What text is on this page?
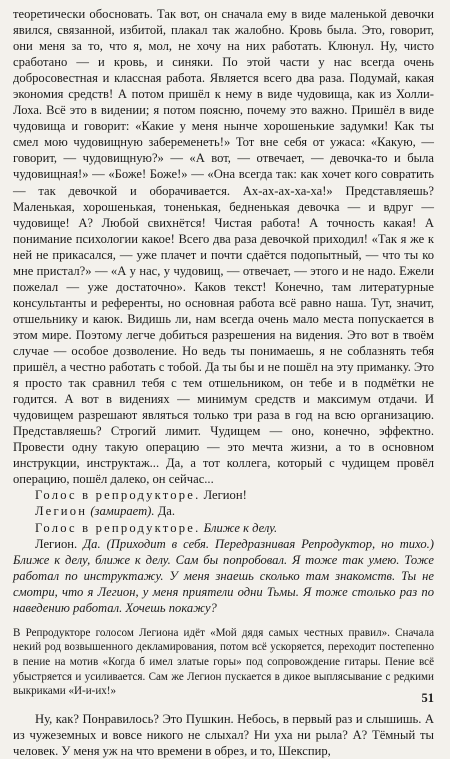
теоретически обосновать. Так вот, он сначала ему в виде маленькой девочки явился, связанной, избитой, плакал так жалобно. Кровь была. Это, говорит, они меня за то, что я, мол, не хочу на них работать. Клюнул. Ну, чисто сработано — и кровь, и синяки. По этой части у нас всегда очень добросовестная и классная работа. Является всего два раза. Подумай, какая экономия средств! А потом пришёл к нему в виде чудовища, как из Холли-Лоха. Всё это в видении; я потом поясню, почему это важно. Пришёл в виде чудовища и говорит: «Какие у меня нынче хорошенькие задумки! Как ты смел мою чудовищную забеременеть!» Тот вне себя от ужаса: «Какую, — говорит, — чудовищную?» — «А вот, — отвечает, — девочка-то и была чудовищная!» — «Боже! Боже!» — «Она всегда так: как хочет кого совратить — так девочкой и оборачивается. Ах-ах-ах-ха-ха!» Представляешь? Маленькая, хорошенькая, тоненькая, бедненькая девочка — и вдруг — чудовище! А? Любой свихнётся! Чистая работа! А точность какая! А понимание психологии какое! Всего два раза девочкой приходил! «Так я же к ней не прикасался, — уже плачет и почти сдаётся подопытный, — что ты ко мне пристал?» — «А у нас, у чудовищ, — отвечает, — этого и не надо. Ежели пожелал — уже достаточно». Каков текст! Конечно, там литературные консультанты и референты, но основная работа всё равно наша. Тут, значит, отшельнику и каюк. Видишь ли, нам всегда очень мало места попускается в этом мире. Поэтому легче добиться разрешения на видения. Это вот в твоём случае — особое дозволение. Но ведь ты понимаешь, я не соблазнять тебя пришёл, а честно работать с тобой. Да ты бы и не пошёл на эту приманку. Это я просто так сравнил тебя с тем отшельником, он тебе и в подмётки не годится. А вот в видениях — минимум средств и максимум отдачи. И чудовищем разрешают являться только три раза в год на всю организацию. Представляешь? Строгий лимит. Чудищем — оно, конечно, эффектно. Провести одну такую операцию — это мечта жизни, а то в основном инструкции, инструктаж... Да, а тот коллега, который с чудищем провёл операцию, пошёл далеко, он сейчас...

Голос в репродукторе. Легион!

Легион (замирает). Да.

Голос в репродукторе. Ближе к делу.

Легион. Да. (Приходит в себя. Передразнивая Репродуктор, но тихо.) Ближе к делу, ближе к делу. Сам бы попробовал. Я тоже так умею. Тоже работал по инструктажу. У меня знаешь сколько там знакомств. Ты не смотри, что я Легион, у меня приятели одни Тьмы. Я тоже столько раз по наведению работал. Хочешь покажу?

В Репродукторе голосом Легиона идёт «Мой дядя самых честных правил». Сначала некий род возвышенного декламирования, потом всё ускоряется, переходит постепенно в пение на мотив «Когда б имел златые горы» под сопровождение гитары. Пение всё убыстряется и усиливается. Сам же Легион пускается в дикое выплясывание с редкими выкриками «И-и-их!»

Ну, как? Понравилось? Это Пушкин. Небось, в первый раз и слышишь. А из чужеземных и вовсе никого не слыхал? Ни уха ни рыла? А? Тёмный ты человек. У меня уж на что времени в обрез, и то, Шекспир,

51
